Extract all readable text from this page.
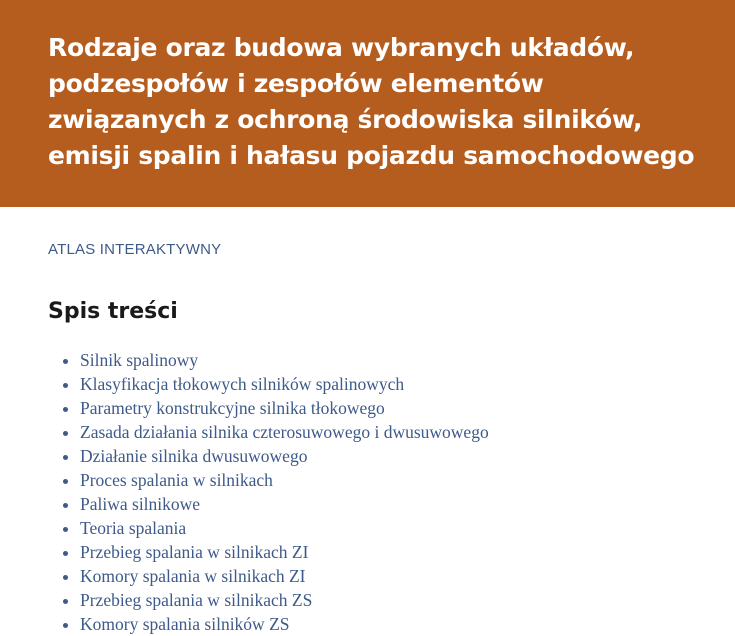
Rodzaje oraz budowa wybranych układów, podzespołów i zespołów elementów związanych z ochroną środowiska silników, emisji spalin i hałasu pojazdu samochodowego
ATLAS INTERAKTYWNY
Spis treści
• Silnik spalinowy
• Klasyfikacja tłokowych silników spalinowych
• Parametry konstrukcyjne silnika tłokowego
• Zasada działania silnika czterosuwowego i dwusuwowego
• Działanie silnika dwusuwowego
• Proces spalania w silnikach
• Paliwa silnikowe
• Teoria spalania
• Przebieg spalania w silnikach ZI
• Komory spalania w silnikach ZI
• Przebieg spalania w silnikach ZS
• Komory spalania silników ZS
